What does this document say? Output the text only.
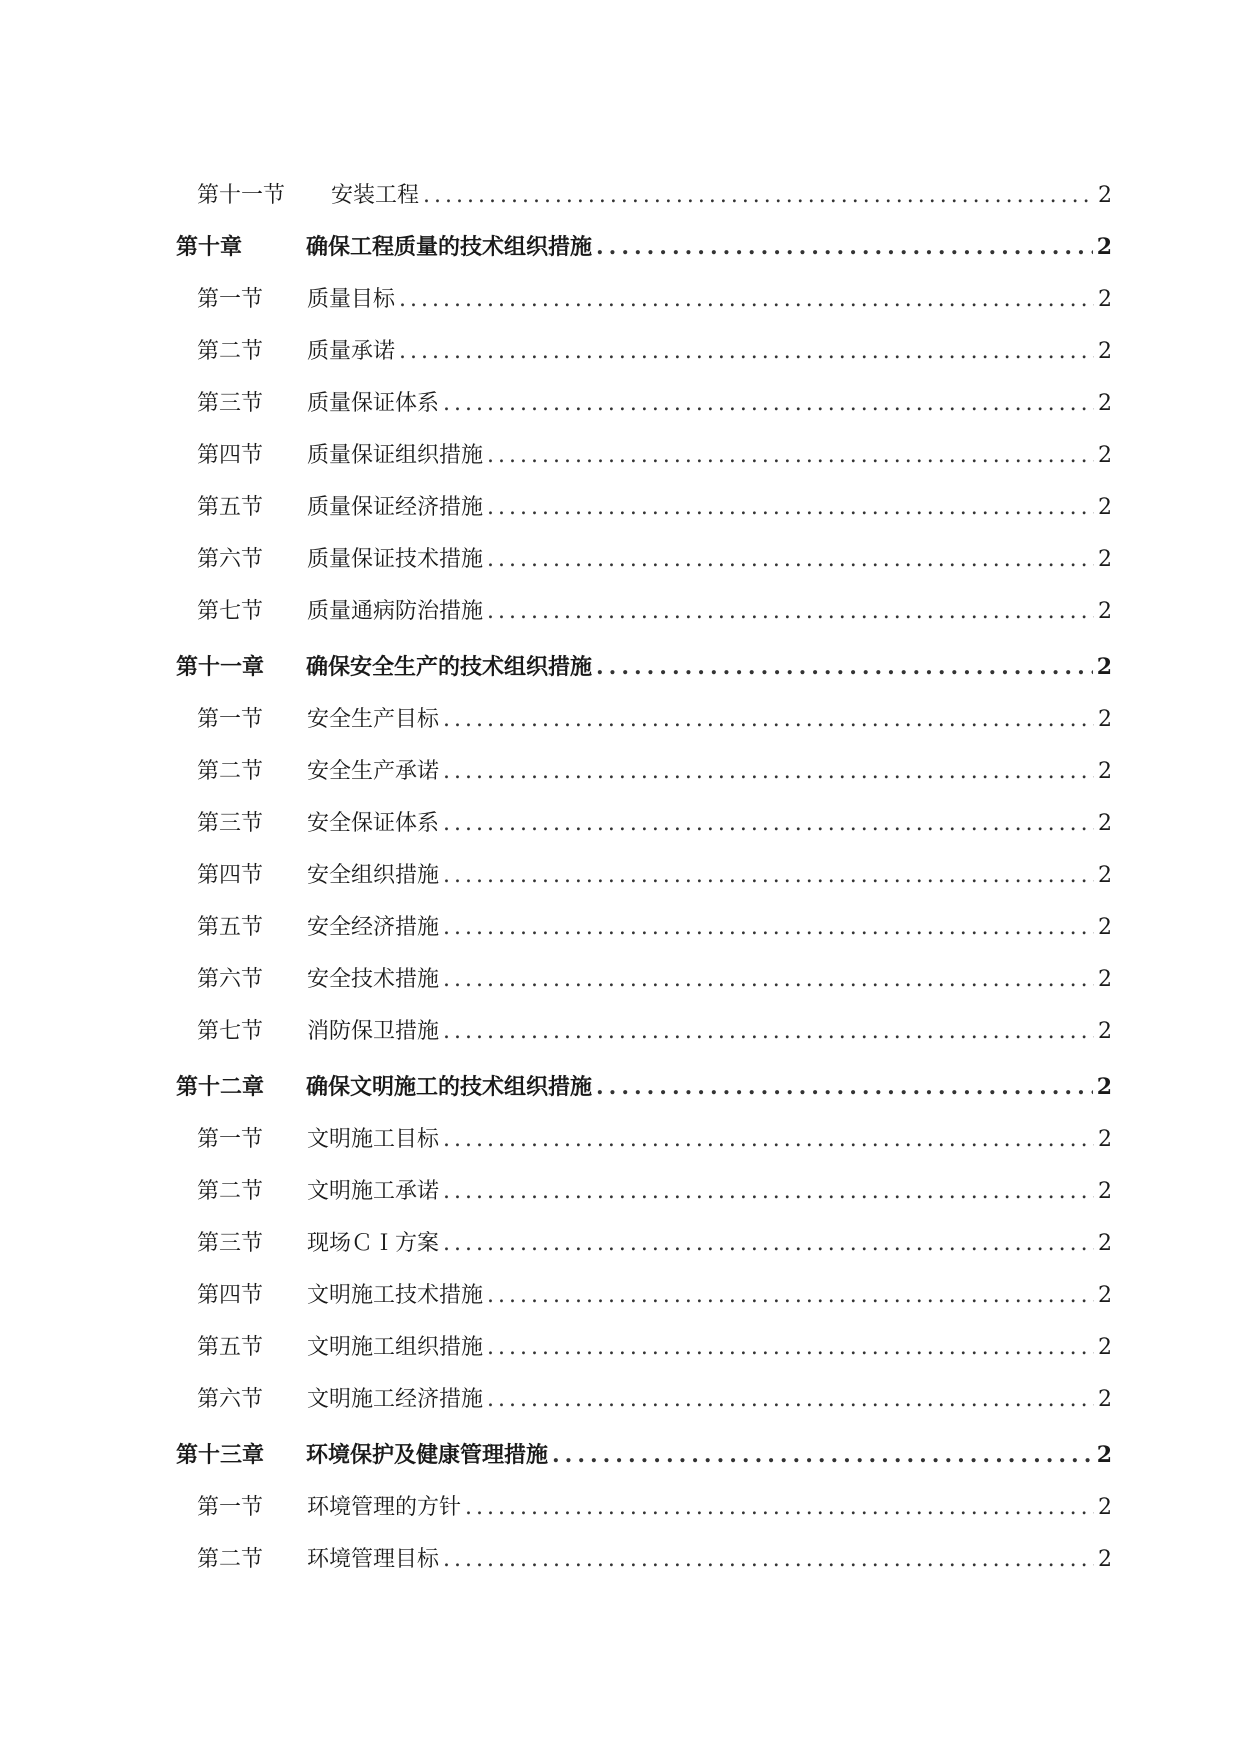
第十一节	安装工程 .....	2
第十章	确保工程质量的技术组织措施 .....	2
第一节	质量目标 .....	2
第二节	质量承诺 .....	2
第三节	质量保证体系 .....	2
第四节	质量保证组织措施 .....	2
第五节	质量保证经济措施 .....	2
第六节	质量保证技术措施 .....	2
第七节	质量通病防治措施 .....	2
第十一章	确保安全生产的技术组织措施 .....	2
第一节	安全生产目标 .....	2
第二节	安全生产承诺 .....	2
第三节	安全保证体系 .....	2
第四节	安全组织措施 .....	2
第五节	安全经济措施 .....	2
第六节	安全技术措施 .....	2
第七节	消防保卫措施 .....	2
第十二章	确保文明施工的技术组织措施 .....	2
第一节	文明施工目标 .....	2
第二节	文明施工承诺 .....	2
第三节	现场ＣＩ方案 .....	2
第四节	文明施工技术措施 .....	2
第五节	文明施工组织措施 .....	2
第六节	文明施工经济措施 .....	2
第十三章	环境保护及健康管理措施 .....	2
第一节	环境管理的方针 .....	2
第二节	环境管理目标 .....	2
